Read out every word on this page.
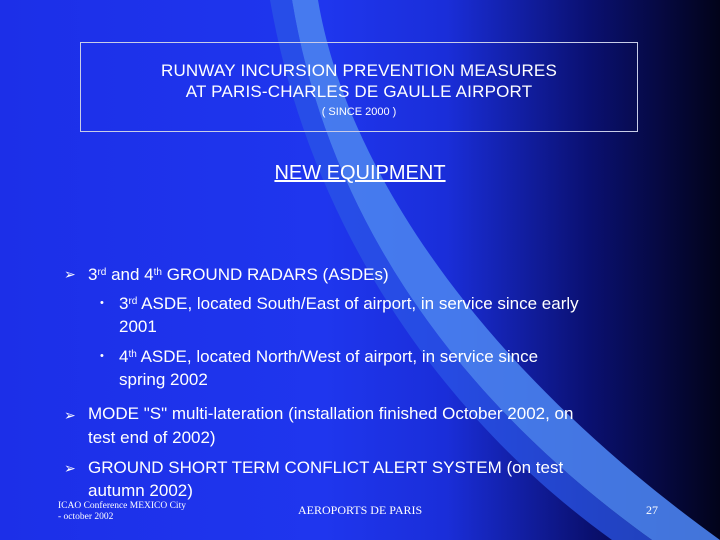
RUNWAY INCURSION PREVENTION MEASURES
AT PARIS-CHARLES DE GAULLE AIRPORT
( SINCE 2000 )
NEW EQUIPMENT
➢ 3rd and 4th GROUND RADARS (ASDEs)
• 3rd ASDE, located South/East of airport, in service since early
2001
• 4th ASDE, located North/West of airport, in service since
spring 2002
➢ MODE "S" multi-lateration (installation finished October 2002, on
test end of 2002)
➢ GROUND SHORT TERM CONFLICT ALERT SYSTEM (on test
autumn 2002)
ICAO Conference MEXICO City
- october 2002	AEROPORTS DE PARIS	27
